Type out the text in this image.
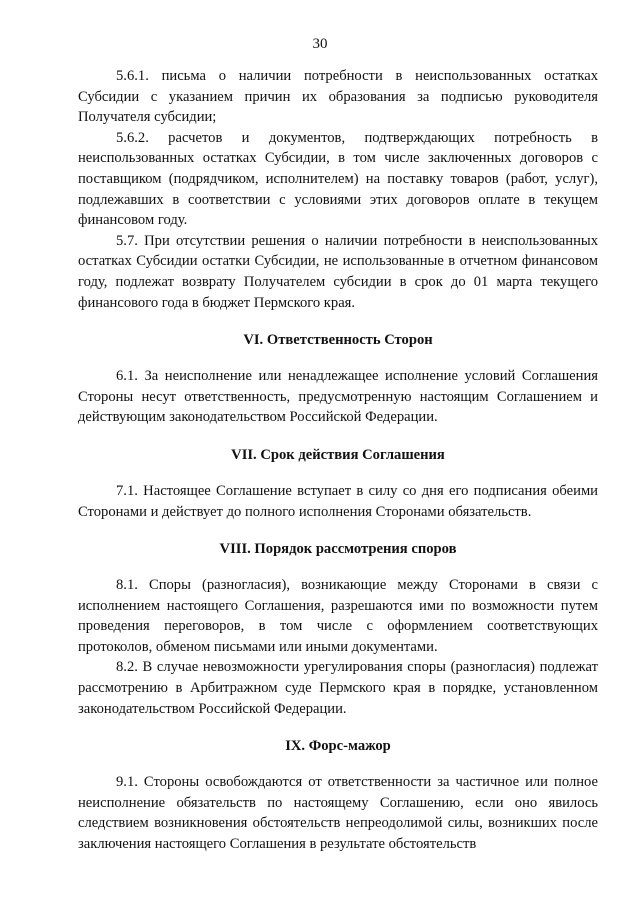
30

5.6.1. письма о наличии потребности в неиспользованных остатках Субсидии с указанием причин их образования за подписью руководителя Получателя субсидии;

5.6.2. расчетов и документов, подтверждающих потребность в неиспользованных остатках Субсидии, в том числе заключенных договоров с поставщиком (подрядчиком, исполнителем) на поставку товаров (работ, услуг), подлежавших в соответствии с условиями этих договоров оплате в текущем финансовом году.

5.7. При отсутствии решения о наличии потребности в неиспользованных остатках Субсидии остатки Субсидии, не использованные в отчетном финансовом году, подлежат возврату Получателем субсидии в срок до 01 марта текущего финансового года в бюджет Пермского края.

VI. Ответственность Сторон

6.1. За неисполнение или ненадлежащее исполнение условий Соглашения Стороны несут ответственность, предусмотренную настоящим Соглашением и действующим законодательством Российской Федерации.

VII. Срок действия Соглашения

7.1. Настоящее Соглашение вступает в силу со дня его подписания обеими Сторонами и действует до полного исполнения Сторонами обязательств.

VIII. Порядок рассмотрения споров

8.1. Споры (разногласия), возникающие между Сторонами в связи с исполнением настоящего Соглашения, разрешаются ими по возможности путем проведения переговоров, в том числе с оформлением соответствующих протоколов, обменом письмами или иными документами.

8.2. В случае невозможности урегулирования споры (разногласия) подлежат рассмотрению в Арбитражном суде Пермского края в порядке, установленном законодательством Российской Федерации.

IX. Форс-мажор

9.1. Стороны освобождаются от ответственности за частичное или полное неисполнение обязательств по настоящему Соглашению, если оно явилось следствием возникновения обстоятельств непреодолимой силы, возникших после заключения настоящего Соглашения в результате обстоятельств
